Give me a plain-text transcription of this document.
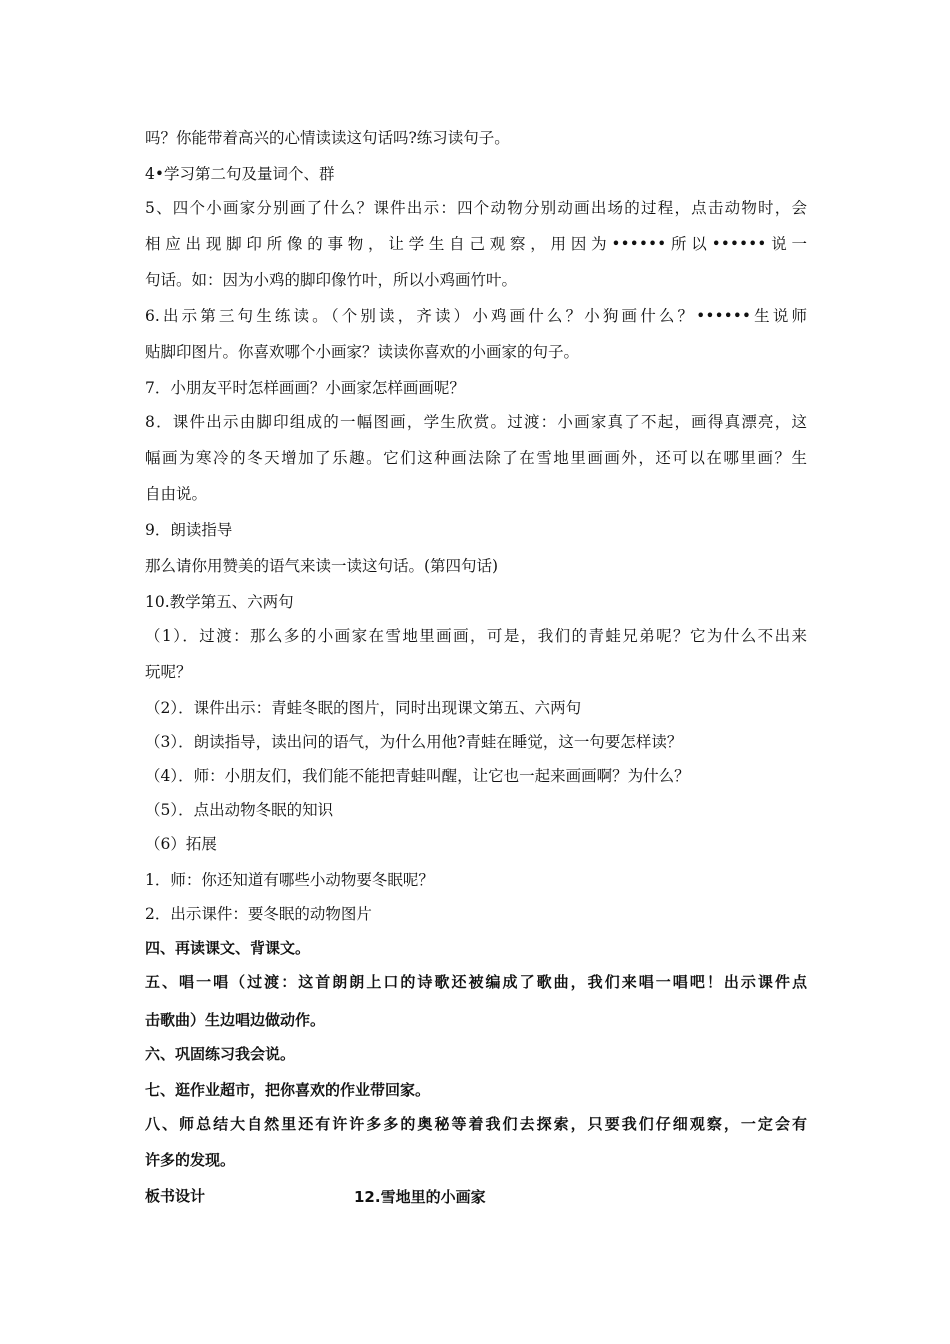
吗？你能带着高兴的心情读读这句话吗?练习读句子。
4•学习第二句及量词个、群
5、四个小画家分别画了什么？课件出示：四个动物分别动画出场的过程，点击动物时，会
相应出现脚印所像的事物，让学生自己观察，用因为••••••所以••••••说一
句话。如：因为小鸡的脚印像竹叶，所以小鸡画竹叶。
6.出示第三句生练读。（个别读，齐读）小鸡画什么？小狗画什么？••••••生说师
贴脚印图片。你喜欢哪个小画家？读读你喜欢的小画家的句子。
7．小朋友平时怎样画画？小画家怎样画画呢？
8．课件出示由脚印组成的一幅图画，学生欣赏。过渡：小画家真了不起，画得真漂亮，这
幅画为寒冷的冬天增加了乐趣。它们这种画法除了在雪地里画画外，还可以在哪里画？生
自由说。
9．朗读指导
那么请你用赞美的语气来读一读这句话。(第四句话)
10.教学第五、六两句
（1）．过渡：那么多的小画家在雪地里画画，可是，我们的青蛙兄弟呢？它为什么不出来
玩呢？
（2）．课件出示：青蛙冬眠的图片，同时出现课文第五、六两句
（3）．朗读指导，读出问的语气，为什么用他?青蛙在睡觉，这一句要怎样读？
（4）．师：小朋友们，我们能不能把青蛙叫醒，让它也一起来画画啊？为什么？
（5）．点出动物冬眠的知识
（6）拓展
1．师：你还知道有哪些小动物要冬眠呢？
2．出示课件：要冬眠的动物图片
四、再读课文、背课文。
五、唱一唱（过渡：这首朗朗上口的诗歌还被编成了歌曲，我们来唱一唱吧！出示课件点
击歌曲）生边唱边做动作。
六、巩固练习我会说。
七、逛作业超市，把你喜欢的作业带回家。
八、师总结大自然里还有许许多多的奥秘等着我们去探索，只要我们仔细观察，一定会有
许多的发现。
板书设计	12.雪地里的小画家
